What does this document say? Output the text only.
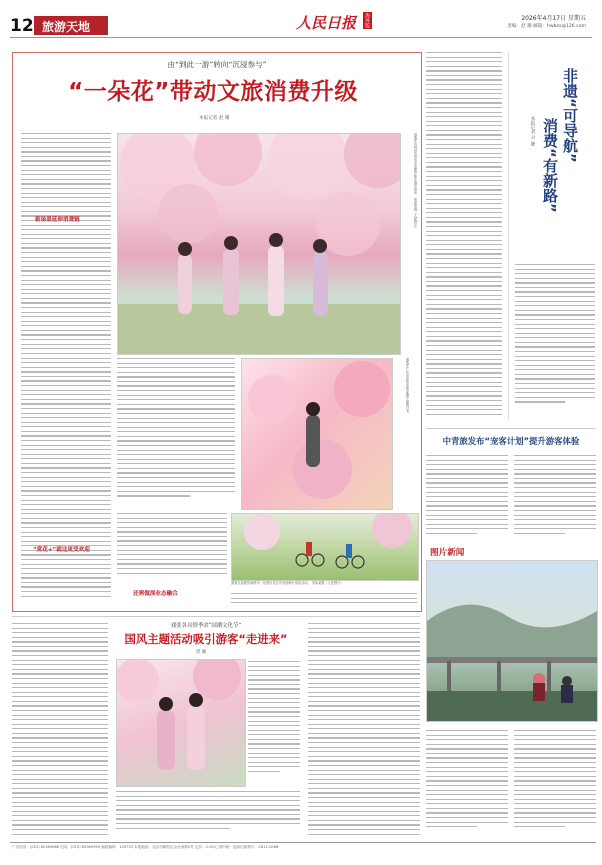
12 旅游天地	人民日报 海外版	2026年4月17日 星期五
责编：赵 珊 邮箱：hwbzs@126.com
由“到此一游”转向“沉浸参与”
“一朵花”带动文旅消费升级
本报记者 赵 珊
新场景延伸消费链	游客在吉林省长春市丰富盛开的花海中赏花。 张某某摄（人民图片）
游客在广东省东莞市的花海中拍照打卡。
“赏花+”就这更受欢迎
游客在福建省漳州市一处景区花丛中参加骑行赏花活动。 李某某摄（人民图片）
还需做深业态融合
非遗“可导航”
消费“有新路”
本报记者 尹 婕
中青旅发布“宠客计划”提升游客体验
图片新闻
戏张各具情季余“国潮文化节”
国风主题活动吸引游客“走进来”
唐 湘
广告经营：(010) 65369888 电话：(010) 65369999 邮政编码：100733 本报地址：北京市朝阳区金台西路2号 定价：2.00元 国内统一连续出版物号：CN11-0066
